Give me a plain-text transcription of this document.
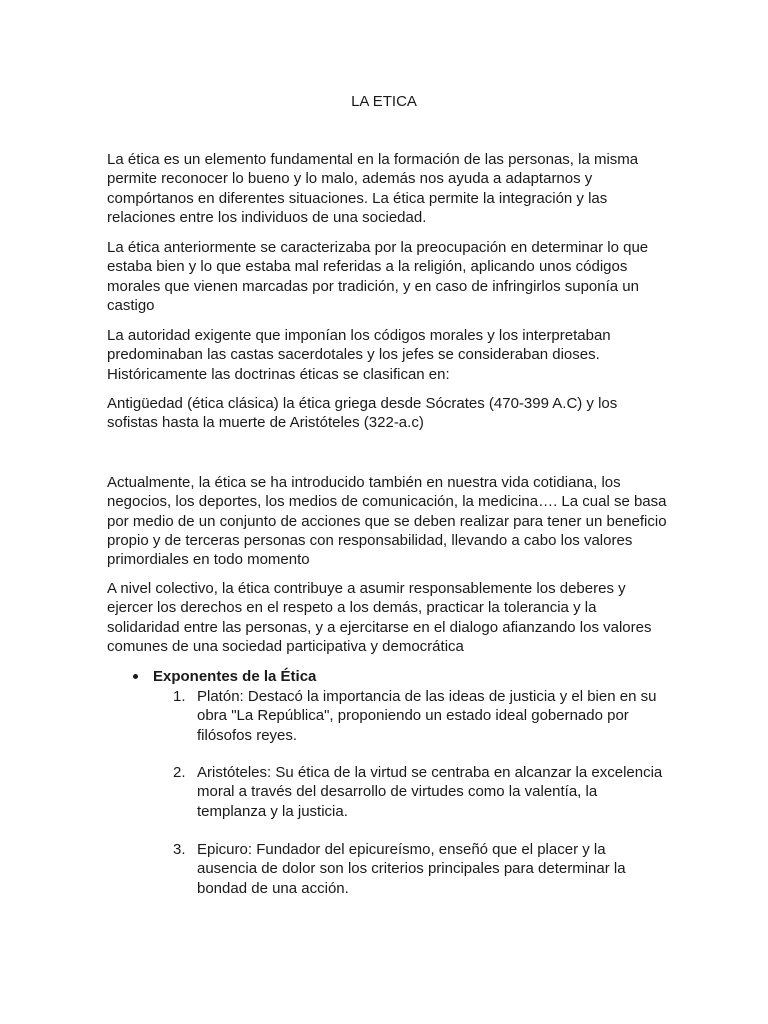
LA ETICA

La ética es un elemento fundamental en la formación de las personas, la misma permite reconocer lo bueno y lo malo, además nos ayuda a adaptarnos y compórtanos en diferentes situaciones. La ética permite la integración y las relaciones entre los individuos de una sociedad.

La ética anteriormente se caracterizaba por la preocupación en determinar lo que estaba bien y lo que estaba mal referidas a la religión, aplicando unos códigos morales que vienen marcadas por tradición, y en caso de infringirlos suponía un castigo

La autoridad exigente que imponían los códigos morales y los interpretaban predominaban las castas sacerdotales y los jefes se consideraban dioses. Históricamente las doctrinas éticas se clasifican en:

Antigüedad (ética clásica) la ética griega desde Sócrates (470-399 A.C) y los sofistas hasta la muerte de Aristóteles (322-a.c)

Actualmente, la ética se ha introducido también en nuestra vida cotidiana, los negocios, los deportes, los medios de comunicación, la medicina…. La cual se basa por medio de un conjunto de acciones que se deben realizar para tener un beneficio propio y de terceras personas con responsabilidad, llevando a cabo los valores primordiales en todo momento

A nivel colectivo, la ética contribuye a asumir responsablemente los deberes y ejercer los derechos en el respeto a los demás, practicar la tolerancia y la solidaridad entre las personas, y a ejercitarse en el dialogo afianzando los valores comunes de una sociedad participativa y democrática

Exponentes de la Ética
1. Platón: Destacó la importancia de las ideas de justicia y el bien en su obra "La República", proponiendo un estado ideal gobernado por filósofos reyes.
2. Aristóteles: Su ética de la virtud se centraba en alcanzar la excelencia moral a través del desarrollo de virtudes como la valentía, la templanza y la justicia.
3. Epicuro: Fundador del epicureísmo, enseñó que el placer y la ausencia de dolor son los criterios principales para determinar la bondad de una acción.
